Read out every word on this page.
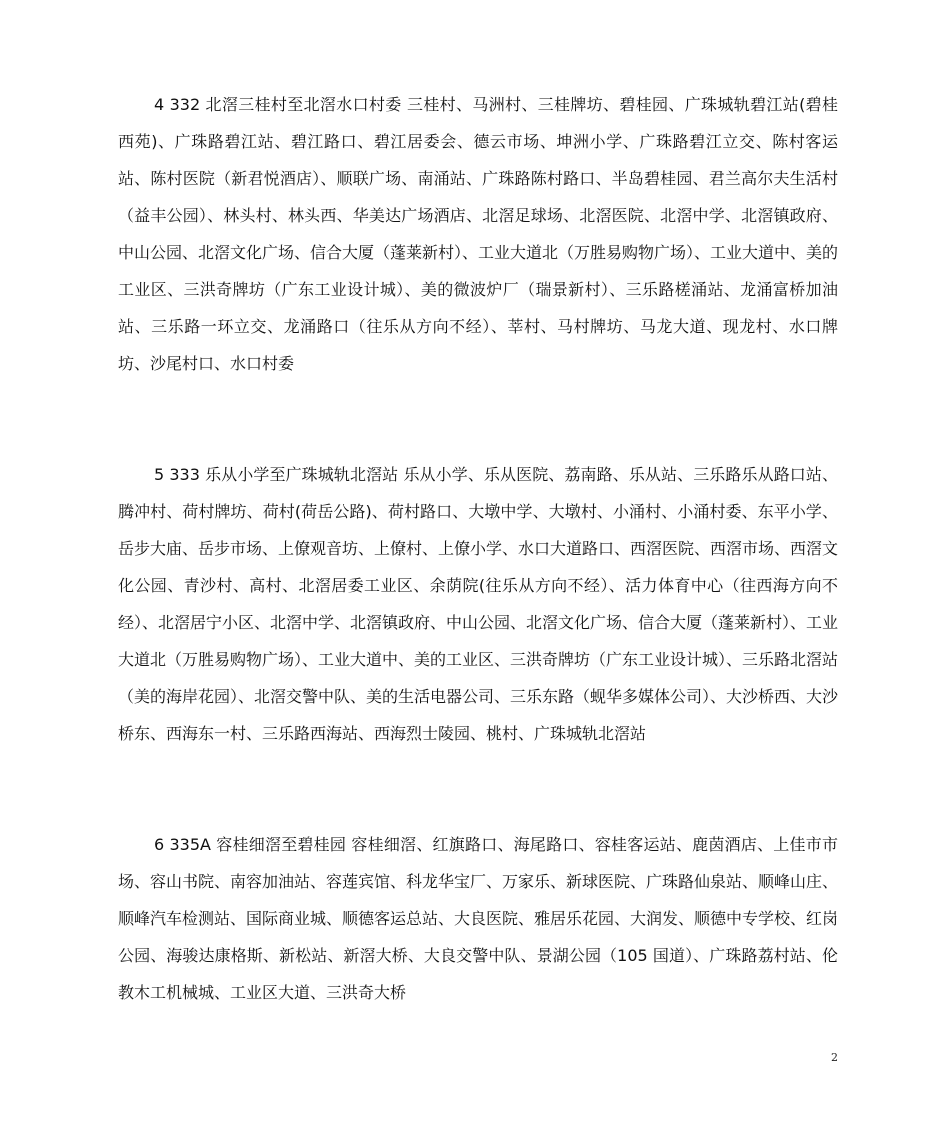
4 332 北滘三桂村至北滘水口村委 三桂村、马洲村、三桂牌坊、碧桂园、广珠城轨碧江站(碧桂西苑)、广珠路碧江站、碧江路口、碧江居委会、德云市场、坤洲小学、广珠路碧江立交、陈村客运站、陈村医院（新君悦酒店）、顺联广场、南涌站、广珠路陈村路口、半岛碧桂园、君兰高尔夫生活村（益丰公园）、林头村、林头西、华美达广场酒店、北滘足球场、北滘医院、北滘中学、北滘镇政府、中山公园、北滘文化广场、信合大厦（蓬莱新村）、工业大道北（万胜易购物广场）、工业大道中、美的工业区、三洪奇牌坊（广东工业设计城）、美的微波炉厂（瑞景新村）、三乐路槎涌站、龙涌富桥加油站、三乐路一环立交、龙涌路口（往乐从方向不经）、莘村、马村牌坊、马龙大道、现龙村、水口牌坊、沙尾村口、水口村委

5 333 乐从小学至广珠城轨北滘站 乐从小学、乐从医院、荔南路、乐从站、三乐路乐从路口站、腾冲村、荷村牌坊、荷村(荷岳公路)、荷村路口、大墩中学、大墩村、小涌村、小涌村委、东平小学、岳步大庙、岳步市场、上僚观音坊、上僚村、上僚小学、水口大道路口、西滘医院、西滘市场、西滘文化公园、青沙村、高村、北滘居委工业区、余荫院(往乐从方向不经）、活力体育中心（往西海方向不经）、北滘居宁小区、北滘中学、北滘镇政府、中山公园、北滘文化广场、信合大厦（蓬莱新村）、工业大道北（万胜易购物广场）、工业大道中、美的工业区、三洪奇牌坊（广东工业设计城）、三乐路北滘站（美的海岸花园）、北滘交警中队、美的生活电器公司、三乐东路（蚬华多媒体公司）、大沙桥西、大沙桥东、西海东一村、三乐路西海站、西海烈士陵园、桃村、广珠城轨北滘站

6 335A 容桂细滘至碧桂园 容桂细滘、红旗路口、海尾路口、容桂客运站、鹿茵酒店、上佳市市场、容山书院、南容加油站、容莲宾馆、科龙华宝厂、万家乐、新球医院、广珠路仙泉站、顺峰山庄、顺峰汽车检测站、国际商业城、顺德客运总站、大良医院、雅居乐花园、大润发、顺德中专学校、红岗公园、海骏达康格斯、新松站、新滘大桥、大良交警中队、景湖公园（105 国道）、广珠路荔村站、伦教木工机械城、工业区大道、三洪奇大桥

2
